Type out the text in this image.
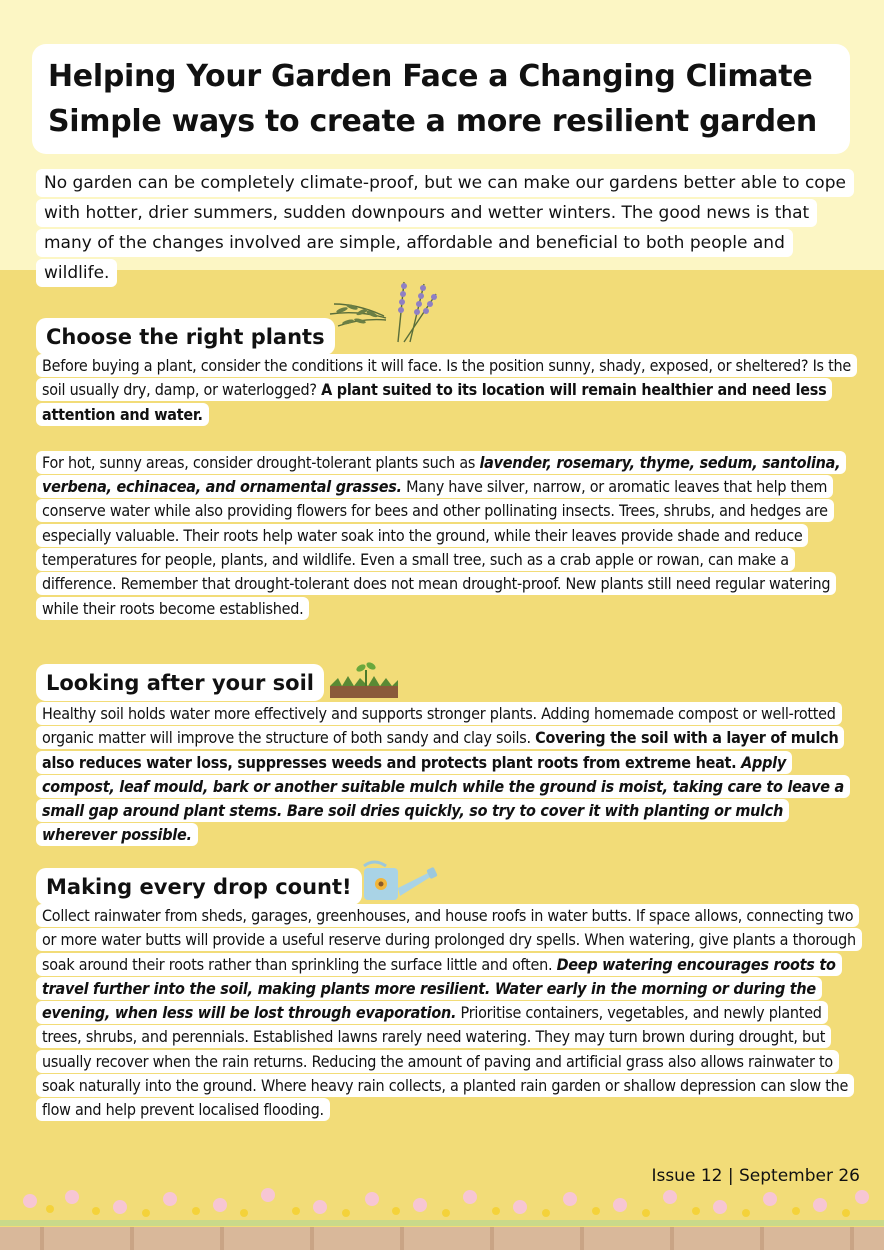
Helping Your Garden Face a Changing Climate
Simple ways to create a more resilient garden
No garden can be completely climate-proof, but we can make our gardens better able to cope with hotter, drier summers, sudden downpours and wetter winters. The good news is that many of the changes involved are simple, affordable and beneficial to both people and wildlife.
Choose the right plants
Before buying a plant, consider the conditions it will face. Is the position sunny, shady, exposed, or sheltered? Is the soil usually dry, damp, or waterlogged? A plant suited to its location will remain healthier and need less attention and water.
For hot, sunny areas, consider drought-tolerant plants such as lavender, rosemary, thyme, sedum, santolina, verbena, echinacea, and ornamental grasses. Many have silver, narrow, or aromatic leaves that help them conserve water while also providing flowers for bees and other pollinating insects. Trees, shrubs, and hedges are especially valuable. Their roots help water soak into the ground, while their leaves provide shade and reduce temperatures for people, plants, and wildlife. Even a small tree, such as a crab apple or rowan, can make a difference. Remember that drought-tolerant does not mean drought-proof. New plants still need regular watering while their roots become established.
Looking after your soil
Healthy soil holds water more effectively and supports stronger plants. Adding homemade compost or well-rotted organic matter will improve the structure of both sandy and clay soils. Covering the soil with a layer of mulch also reduces water loss, suppresses weeds and protects plant roots from extreme heat. Apply compost, leaf mould, bark or another suitable mulch while the ground is moist, taking care to leave a small gap around plant stems. Bare soil dries quickly, so try to cover it with planting or mulch wherever possible.
Making every drop count!
Collect rainwater from sheds, garages, greenhouses, and house roofs in water butts. If space allows, connecting two or more water butts will provide a useful reserve during prolonged dry spells. When watering, give plants a thorough soak around their roots rather than sprinkling the surface little and often. Deep watering encourages roots to travel further into the soil, making plants more resilient. Water early in the morning or during the evening, when less will be lost through evaporation. Prioritise containers, vegetables, and newly planted trees, shrubs, and perennials. Established lawns rarely need watering. They may turn brown during drought, but usually recover when the rain returns. Reducing the amount of paving and artificial grass also allows rainwater to soak naturally into the ground. Where heavy rain collects, a planted rain garden or shallow depression can slow the flow and help prevent localised flooding.
Issue 12 | September 26
